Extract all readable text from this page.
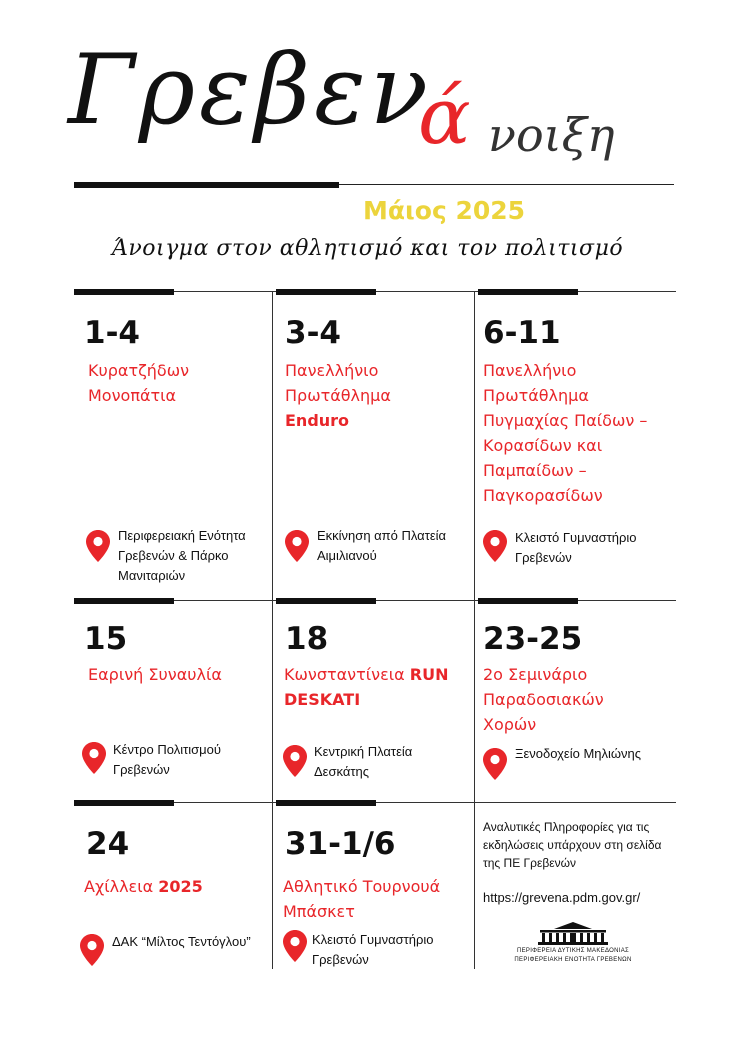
Γρεβεν
ά νοιξη
Μάιος 2025
Άνοιγμα στον αθλητισμό και τον πολιτισμό
1-4
Κυρατζήδων Μονοπάτια
Περιφερειακή Ενότητα Γρεβενών & Πάρκο Μανιταριών
3-4
Πανελλήνιο Πρωτάθλημα
Enduro
Εκκίνηση από Πλατεία Αιμιλιανού
6-11
Πανελλήνιο Πρωτάθλημα Πυγμαχίας Παίδων – Κορασίδων και Παμπαίδων – Παγκορασίδων
Κλειστό Γυμναστήριο Γρεβενών
15
Εαρινή Συναυλία
Κέντρο Πολιτισμού Γρεβενών
18
Κωνσταντίνεια RUN DESKATI
Κεντρική Πλατεία Δεσκάτης
23-25
2ο Σεμινάριο Παραδοσιακών Χορών
Ξενοδοχείο Μηλιώνης
24
Αχίλλεια 2025
ΔΑΚ “Μίλτος Τεντόγλου”
31-1/6
Αθλητικό Τουρνουά Μπάσκετ
Κλειστό Γυμναστήριο Γρεβενών
Αναλυτικές Πληροφορίες για τις εκδηλώσεις υπάρχουν στη σελίδα της ΠΕ Γρεβενών
https://grevena.pdm.gov.gr/
ΠΕΡΙΦΕΡΕΙΑ ΔΥΤΙΚΗΣ ΜΑΚΕΔΟΝΙΑΣ
ΠΕΡΙΦΕΡΕΙΑΚΗ ΕΝΟΤΗΤΑ ΓΡΕΒΕΝΩΝ
